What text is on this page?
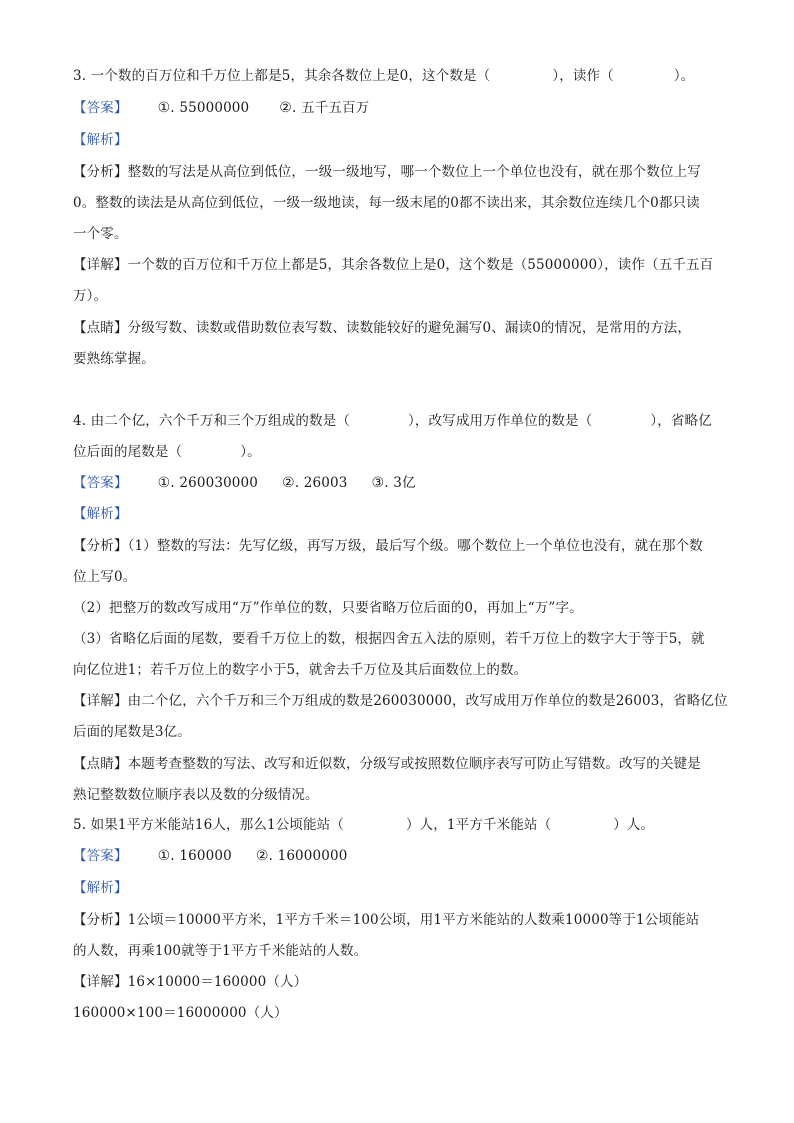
3. 一个数的百万位和千万位上都是5，其余各数位上是0，这个数是（	），读作（	）。
【答案】 ①. 55000000 ②. 五千五百万
【解析】
【分析】整数的写法是从高位到低位，一级一级地写，哪一个数位上一个单位也没有，就在那个数位上写
0。整数的读法是从高位到低位，一级一级地读，每一级末尾的0都不读出来，其余数位连续几个0都只读
一个零。
【详解】一个数的百万位和千万位上都是5，其余各数位上是0，这个数是（55000000），读作（五千五百
万）。
【点睛】分级写数、读数或借助数位表写数、读数能较好的避免漏写0、漏读0的情况，是常用的方法，
要熟练掌握。
4. 由二个亿，六个千万和三个万组成的数是（	），改写成用万作单位的数是（	），省略亿
位后面的尾数是（	）。
【答案】 ①. 260030000 ②. 26003 ③. 3亿
【解析】
【分析】（1）整数的写法：先写亿级，再写万级，最后写个级。哪个数位上一个单位也没有，就在那个数
位上写0。
（2）把整万的数改写成用“万”作单位的数，只要省略万位后面的0，再加上“万”字。
（3）省略亿后面的尾数，要看千万位上的数，根据四舍五入法的原则，若千万位上的数字大于等于5，就
向亿位进1；若千万位上的数字小于5，就舍去千万位及其后面数位上的数。
【详解】由二个亿，六个千万和三个万组成的数是260030000，改写成用万作单位的数是26003，省略亿位
后面的尾数是3亿。
【点睛】本题考查整数的写法、改写和近似数，分级写或按照数位顺序表写可防止写错数。改写的关键是
熟记整数数位顺序表以及数的分级情况。
5. 如果1平方米能站16人，那么1公顷能站（	）人，1平方千米能站（	）人。
【答案】 ①. 160000 ②. 16000000
【解析】
【分析】1公顷＝10000平方米，1平方千米＝100公顷，用1平方米能站的人数乘10000等于1公顷能站
的人数，再乘100就等于1平方千米能站的人数。
【详解】16×10000＝160000（人）
160000×100＝16000000（人）
